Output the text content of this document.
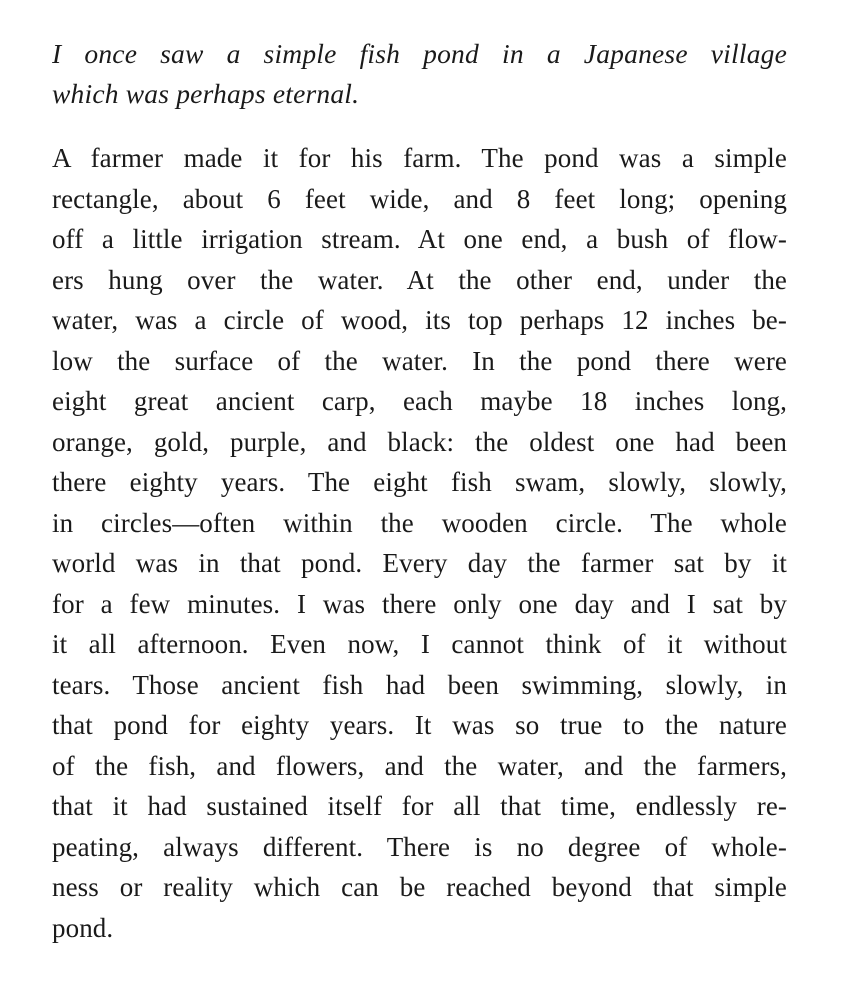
I once saw a simple fish pond in a Japanese village
which was perhaps eternal.

A farmer made it for his farm. The pond was a simple
rectangle, about 6 feet wide, and 8 feet long; opening
off a little irrigation stream. At one end, a bush of flow-
ers hung over the water. At the other end, under the
water, was a circle of wood, its top perhaps 12 inches be-
low the surface of the water. In the pond there were
eight great ancient carp, each maybe 18 inches long,
orange, gold, purple, and black: the oldest one had been
there eighty years. The eight fish swam, slowly, slowly,
in circles—often within the wooden circle. The whole
world was in that pond. Every day the farmer sat by it
for a few minutes. I was there only one day and I sat by
it all afternoon. Even now, I cannot think of it without
tears. Those ancient fish had been swimming, slowly, in
that pond for eighty years. It was so true to the nature
of the fish, and flowers, and the water, and the farmers,
that it had sustained itself for all that time, endlessly re-
peating, always different. There is no degree of whole-
ness or reality which can be reached beyond that simple
pond.
